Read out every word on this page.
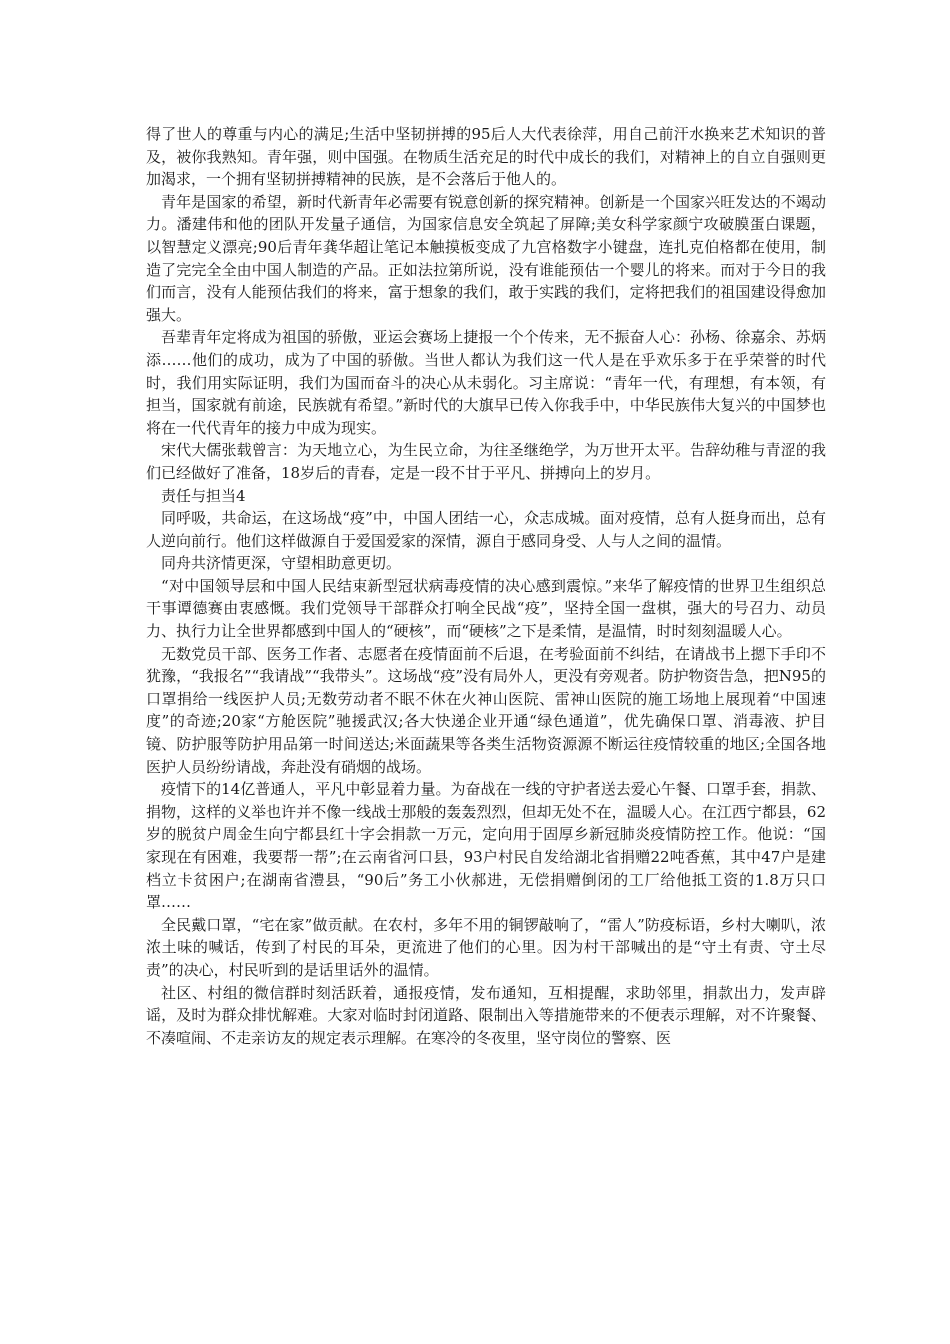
得了世人的尊重与内心的满足;生活中坚韧拼搏的95后人大代表徐萍，用自己前汗水换来艺术知识的普及，被你我熟知。青年强，则中国强。在物质生活充足的时代中成长的我们，对精神上的自立自强则更加渴求，一个拥有坚韧拼搏精神的民族，是不会落后于他人的。

青年是国家的希望，新时代新青年必需要有锐意创新的探究精神。创新是一个国家兴旺发达的不竭动力。潘建伟和他的团队开发量子通信，为国家信息安全筑起了屏障;美女科学家颜宁攻破膜蛋白课题，以智慧定义漂亮;90后青年龚华超让笔记本触摸板变成了九宫格数字小键盘，连扎克伯格都在使用，制造了完完全全由中国人制造的产品。正如法拉第所说，没有谁能预估一个婴儿的将来。而对于今日的我们而言，没有人能预估我们的将来，富于想象的我们，敢于实践的我们，定将把我们的祖国建设得愈加强大。

吾辈青年定将成为祖国的骄傲，亚运会赛场上捷报一个个传来，无不振奋人心：孙杨、徐嘉余、苏炳添……他们的成功，成为了中国的骄傲。当世人都认为我们这一代人是在乎欢乐多于在乎荣誉的时代时，我们用实际证明，我们为国而奋斗的决心从未弱化。习主席说：“青年一代，有理想，有本领，有担当，国家就有前途，民族就有希望。”新时代的大旗早已传入你我手中，中华民族伟大复兴的中国梦也将在一代代青年的接力中成为现实。

宋代大儒张载曾言：为天地立心，为生民立命，为往圣继绝学，为万世开太平。告辞幼稚与青涩的我们已经做好了准备，18岁后的青春，定是一段不甘于平凡、拼搏向上的岁月。

责任与担当4

同呼吸，共命运，在这场战“疫”中，中国人团结一心，众志成城。面对疫情，总有人挺身而出，总有人逆向前行。他们这样做源自于爱国爱家的深情，源自于感同身受、人与人之间的温情。

同舟共济情更深，守望相助意更切。

“对中国领导层和中国人民结束新型冠状病毒疫情的决心感到震惊。”来华了解疫情的世界卫生组织总干事谭德赛由衷感慨。我们党领导干部群众打响全民战“疫”，坚持全国一盘棋，强大的号召力、动员力、执行力让全世界都感到中国人的“硬核”，而“硬核”之下是柔情，是温情，时时刻刻温暖人心。

无数党员干部、医务工作者、志愿者在疫情面前不后退，在考验面前不纠结，在请战书上摁下手印不犹豫，“我报名”“我请战”“我带头”。这场战“疫”没有局外人，更没有旁观者。防护物资告急，把N95的口罩捐给一线医护人员;无数劳动者不眠不休在火神山医院、雷神山医院的施工场地上展现着“中国速度”的奇迹;20家“方舱医院”驰援武汉;各大快递企业开通“绿色通道”，优先确保口罩、消毒液、护目镜、防护服等防护用品第一时间送达;米面蔬果等各类生活物资源源不断运往疫情较重的地区;全国各地医护人员纷纷请战，奔赴没有硝烟的战场。

疫情下的14亿普通人，平凡中彰显着力量。为奋战在一线的守护者送去爱心午餐、口罩手套，捐款、捐物，这样的义举也许并不像一线战士那般的轰轰烈烈，但却无处不在，温暖人心。在江西宁都县，62岁的脱贫户周金生向宁都县红十字会捐款一万元，定向用于固厚乡新冠肺炎疫情防控工作。他说：“国家现在有困难，我要帮一帮”;在云南省河口县，93户村民自发给湖北省捐赠22吨香蕉，其中47户是建档立卡贫困户;在湖南省澧县，“90后”务工小伙郝进，无偿捐赠倒闭的工厂给他抵工资的1.8万只口罩……

全民戴口罩，“宅在家”做贡献。在农村，多年不用的铜锣敲响了，“雷人”防疫标语，乡村大喇叭，浓浓土味的喊话，传到了村民的耳朵，更流进了他们的心里。因为村干部喊出的是“守土有责、守土尽责”的决心，村民听到的是话里话外的温情。

社区、村组的微信群时刻活跃着，通报疫情，发布通知，互相提醒，求助邻里，捐款出力，发声辟谣，及时为群众排忧解难。大家对临时封闭道路、限制出入等措施带来的不便表示理解，对不许聚餐、不凑喧闹、不走亲访友的规定表示理解。在寒冷的冬夜里，坚守岗位的警察、医
